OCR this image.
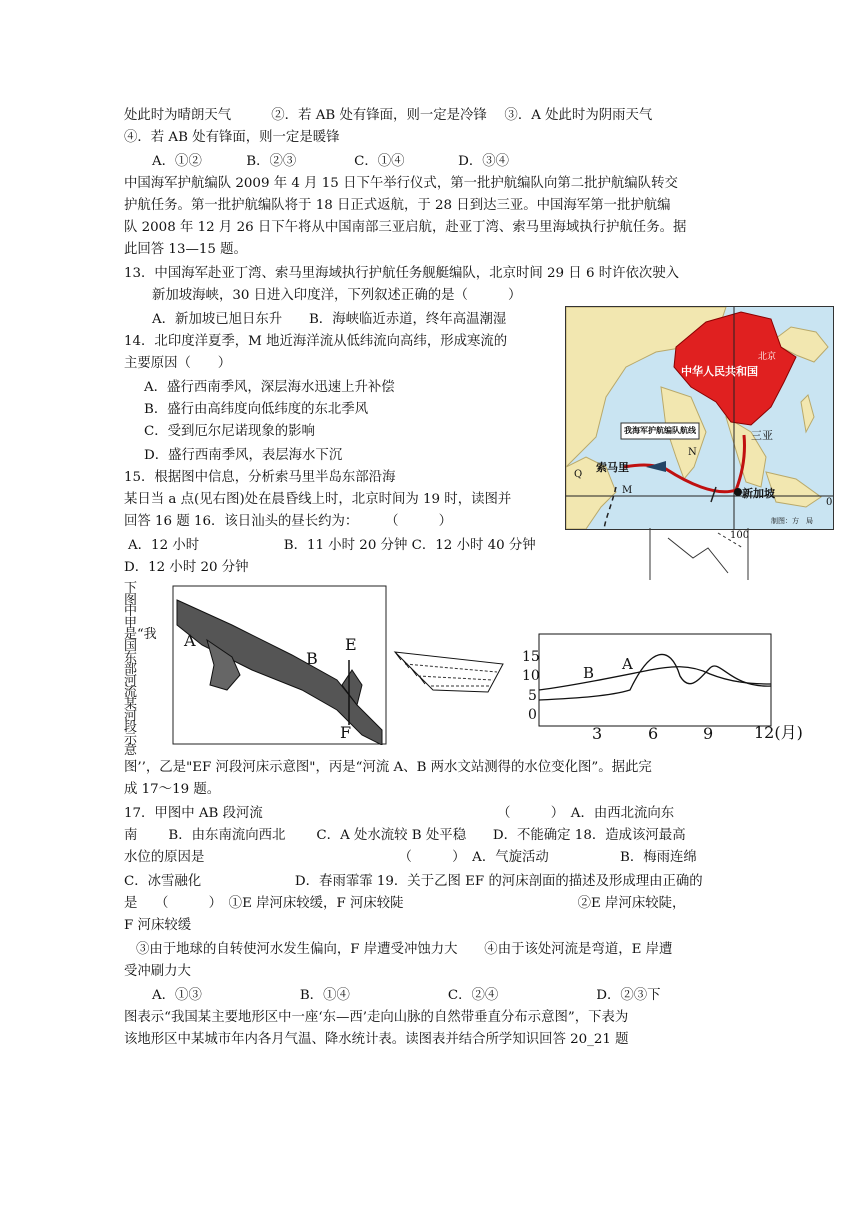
处此时为晴朗天气　　　②．若 AB 处有锋面，则一定是冷锋　 ③．A 处此时为阴雨天气
④．若 AB 处有锋面，则一定是暖锋
A．①②　　　 B．②③　　　　 C．①④　　　　D．③④
中国海军护航编队 2009 年 4 月 15 日下午举行仪式，第一批护航编队向第二批护航编队转交
护航任务。第一批护航编队将于 18 日正式返航，于 28 日到达三亚。中国海军第一批护航编
队 2008 年 12 月 26 日下午将从中国南部三亚启航，赴亚丁湾、索马里海域执行护航任务。据
此回答 13—15 题。
13．中国海军赴亚丁湾、索马里海域执行护航任务舰艇编队，北京时间 29 日 6 时许依次驶入
新加坡海峡，30 日进入印度洋，下列叙述正确的是（　　　）
A．新加坡已旭日东升　　B．海峡临近赤道，终年高温潮湿
14．北印度洋夏季，M 地近海洋流从低纬流向高纬，形成寒流的
主要原因（　　）
A．盛行西南季风，深层海水迅速上升补偿
B．盛行由高纬度向低纬度的东北季风
C．受到厄尔尼诺现象的影响
D．盛行西南季风，表层海水下沉
15．根据图中信息，分析索马里半岛东部沿海
某日当 a 点(见右图)处在晨昏线上时，北京时间为 19 时，读图并
回答 16 题 16．该日汕头的昼长约为：　　　（　　　）
A．12 小时　　　　　　 B．11 小时 20 分钟 C．12 小时 40 分钟
D．12 小时 20 分钟
图’’，乙是"EF 河段河床示意图"，丙是“河流 A、B 两水文站测得的水位变化图”。据此完
成 17～19 题。
17．甲图中 AB 段河流　　　　　　　　　　　　　　　　　　（　　　）　A．由西北流向东
南　　 B．由东南流向西北　　 C．A 处水流较 B 处平稳　　D．不能确定 18．造成该河最高
水位的原因是　　　　　　　　　　　　　　　（　　　）　A．气旋活动　　　　　 B．梅雨连绵
C．冰雪融化　　　　　　　D．春雨霏霏 19．关于乙图 EF 的河床剖面的描述及形成理由正确的
是　 （　　　）　①E 岸河床较缓，F 河床较陡　　　　　　　　　　　　　②E 岸河床较陡，
F 河床较缓
③由于地球的自转使河水发生偏向，F 岸遭受冲蚀力大　　④由于该处河流是弯道，E 岸遭
受冲刷力大
A．①③　　　　　　　 B．①④　　　　　　　 C．②④　　　　　　　 D．②③下
图表示“我国某主要地形区中一座‘东—西’走向山脉的自然带垂直分布示意图”，下表为
该地形区中某城市年内各月气温、降水统计表。读图表并结合所学知识回答 20_21 题
中华人民共和国
北京
三亚
我海军护航编队航线
索马里
新加坡
Q
M
N
制图：方　局
0
100
下
图
中
甲
是“我
国
东
部
河
流
某
河
段
示
意
A
B
E
F
15
10
5
0
3	6	9	12(月)
B A
